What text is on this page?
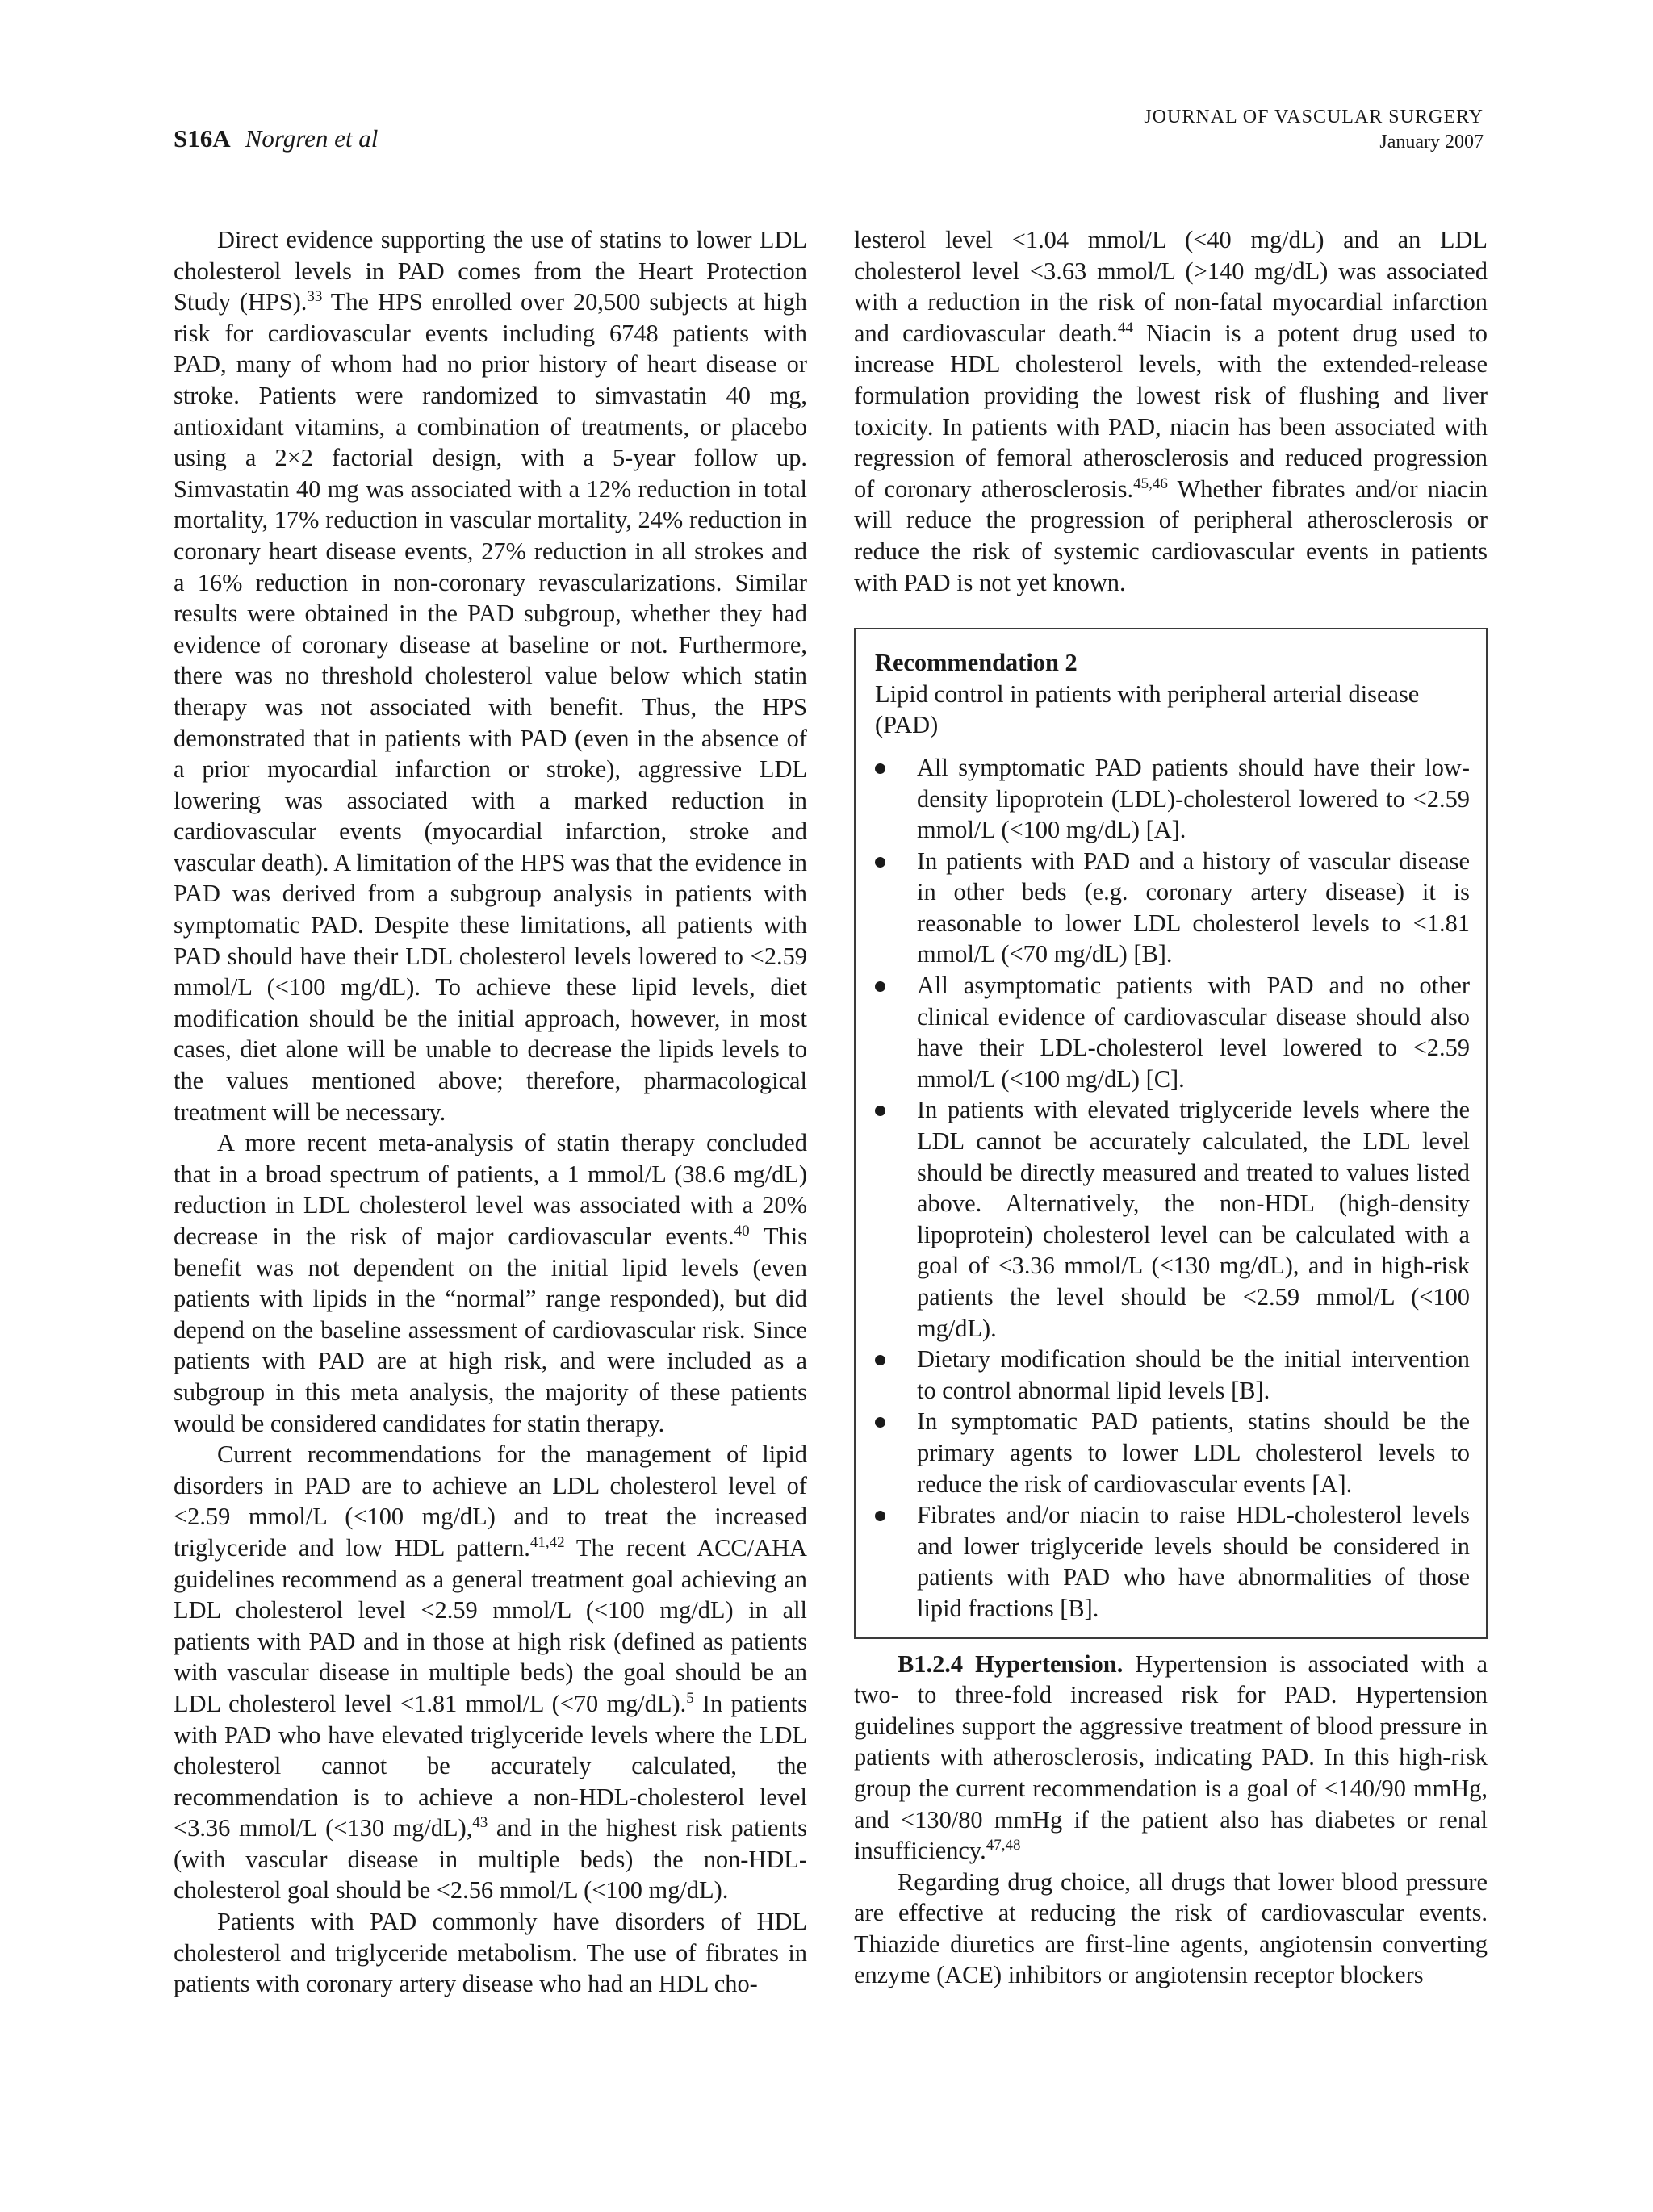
S16A Norgren et al
JOURNAL OF VASCULAR SURGERY
January 2007

Direct evidence supporting the use of statins to lower LDL cholesterol levels in PAD comes from the Heart Protection Study (HPS).$^{33}$ The HPS enrolled over 20,500 subjects at high risk for cardiovascular events including 6748 patients with PAD, many of whom had no prior history of heart disease or stroke. Patients were randomized to simvastatin 40 mg, antioxidant vitamins, a combination of treatments, or placebo using a 2×2 factorial design, with a 5-year follow up. Simvastatin 40 mg was associated with a 12% reduction in total mortality, 17% reduction in vascular mortality, 24% reduction in coronary heart disease events, 27% reduction in all strokes and a 16% reduction in non-coronary revascularizations. Similar results were obtained in the PAD subgroup, whether they had evidence of coronary disease at baseline or not. Furthermore, there was no threshold cholesterol value below which statin therapy was not associated with benefit. Thus, the HPS demonstrated that in patients with PAD (even in the absence of a prior myocardial infarction or stroke), aggressive LDL lowering was associated with a marked reduction in cardiovascular events (myocardial infarction, stroke and vascular death). A limitation of the HPS was that the evidence in PAD was derived from a subgroup analysis in patients with symptomatic PAD. Despite these limitations, all patients with PAD should have their LDL cholesterol levels lowered to <2.59 mmol/L (<100 mg/dL). To achieve these lipid levels, diet modification should be the initial approach, however, in most cases, diet alone will be unable to decrease the lipids levels to the values mentioned above; therefore, pharmacological treatment will be necessary.

A more recent meta-analysis of statin therapy concluded that in a broad spectrum of patients, a 1 mmol/L (38.6 mg/dL) reduction in LDL cholesterol level was associated with a 20% decrease in the risk of major cardiovascular events.$^{40}$ This benefit was not dependent on the initial lipid levels (even patients with lipids in the “normal” range responded), but did depend on the baseline assessment of cardiovascular risk. Since patients with PAD are at high risk, and were included as a subgroup in this meta analysis, the majority of these patients would be considered candidates for statin therapy.

Current recommendations for the management of lipid disorders in PAD are to achieve an LDL cholesterol level of <2.59 mmol/L (<100 mg/dL) and to treat the increased triglyceride and low HDL pattern.$^{41,42}$ The recent ACC/AHA guidelines recommend as a general treatment goal achieving an LDL cholesterol level <2.59 mmol/L (<100 mg/dL) in all patients with PAD and in those at high risk (defined as patients with vascular disease in multiple beds) the goal should be an LDL cholesterol level <1.81 mmol/L (<70 mg/dL).$^5$ In patients with PAD who have elevated triglyceride levels where the LDL cholesterol cannot be accurately calculated, the recommendation is to achieve a non-HDL-cholesterol level <3.36 mmol/L (<130 mg/dL),$^{43}$ and in the highest risk patients (with vascular disease in multiple beds) the non-HDL-cholesterol goal should be <2.56 mmol/L (<100 mg/dL).

Patients with PAD commonly have disorders of HDL cholesterol and triglyceride metabolism. The use of fibrates in patients with coronary artery disease who had an HDL cho-

lesterol level <1.04 mmol/L (<40 mg/dL) and an LDL cholesterol level <3.63 mmol/L (>140 mg/dL) was associated with a reduction in the risk of non-fatal myocardial infarction and cardiovascular death.$^{44}$ Niacin is a potent drug used to increase HDL cholesterol levels, with the extended-release formulation providing the lowest risk of flushing and liver toxicity. In patients with PAD, niacin has been associated with regression of femoral atherosclerosis and reduced progression of coronary atherosclerosis.$^{45,46}$ Whether fibrates and/or niacin will reduce the progression of peripheral atherosclerosis or reduce the risk of systemic cardiovascular events in patients with PAD is not yet known.

Recommendation 2
Lipid control in patients with peripheral arterial disease (PAD)
All symptomatic PAD patients should have their low-density lipoprotein (LDL)-cholesterol lowered to <2.59 mmol/L (<100 mg/dL) [A].
In patients with PAD and a history of vascular disease in other beds (e.g. coronary artery disease) it is reasonable to lower LDL cholesterol levels to <1.81 mmol/L (<70 mg/dL) [B].
All asymptomatic patients with PAD and no other clinical evidence of cardiovascular disease should also have their LDL-cholesterol level lowered to <2.59 mmol/L (<100 mg/dL) [C].
In patients with elevated triglyceride levels where the LDL cannot be accurately calculated, the LDL level should be directly measured and treated to values listed above. Alternatively, the non-HDL (high-density lipoprotein) cholesterol level can be calculated with a goal of <3.36 mmol/L (<130 mg/dL), and in high-risk patients the level should be <2.59 mmol/L (<100 mg/dL).
Dietary modification should be the initial intervention to control abnormal lipid levels [B].
In symptomatic PAD patients, statins should be the primary agents to lower LDL cholesterol levels to reduce the risk of cardiovascular events [A].
Fibrates and/or niacin to raise HDL-cholesterol levels and lower triglyceride levels should be considered in patients with PAD who have abnormalities of those lipid fractions [B].

B1.2.4 Hypertension. Hypertension is associated with a two- to three-fold increased risk for PAD. Hypertension guidelines support the aggressive treatment of blood pressure in patients with atherosclerosis, indicating PAD. In this high-risk group the current recommendation is a goal of <140/90 mmHg, and <130/80 mmHg if the patient also has diabetes or renal insufficiency.$^{47,48}$

Regarding drug choice, all drugs that lower blood pressure are effective at reducing the risk of cardiovascular events. Thiazide diuretics are first-line agents, angiotensin converting enzyme (ACE) inhibitors or angiotensin receptor blockers
